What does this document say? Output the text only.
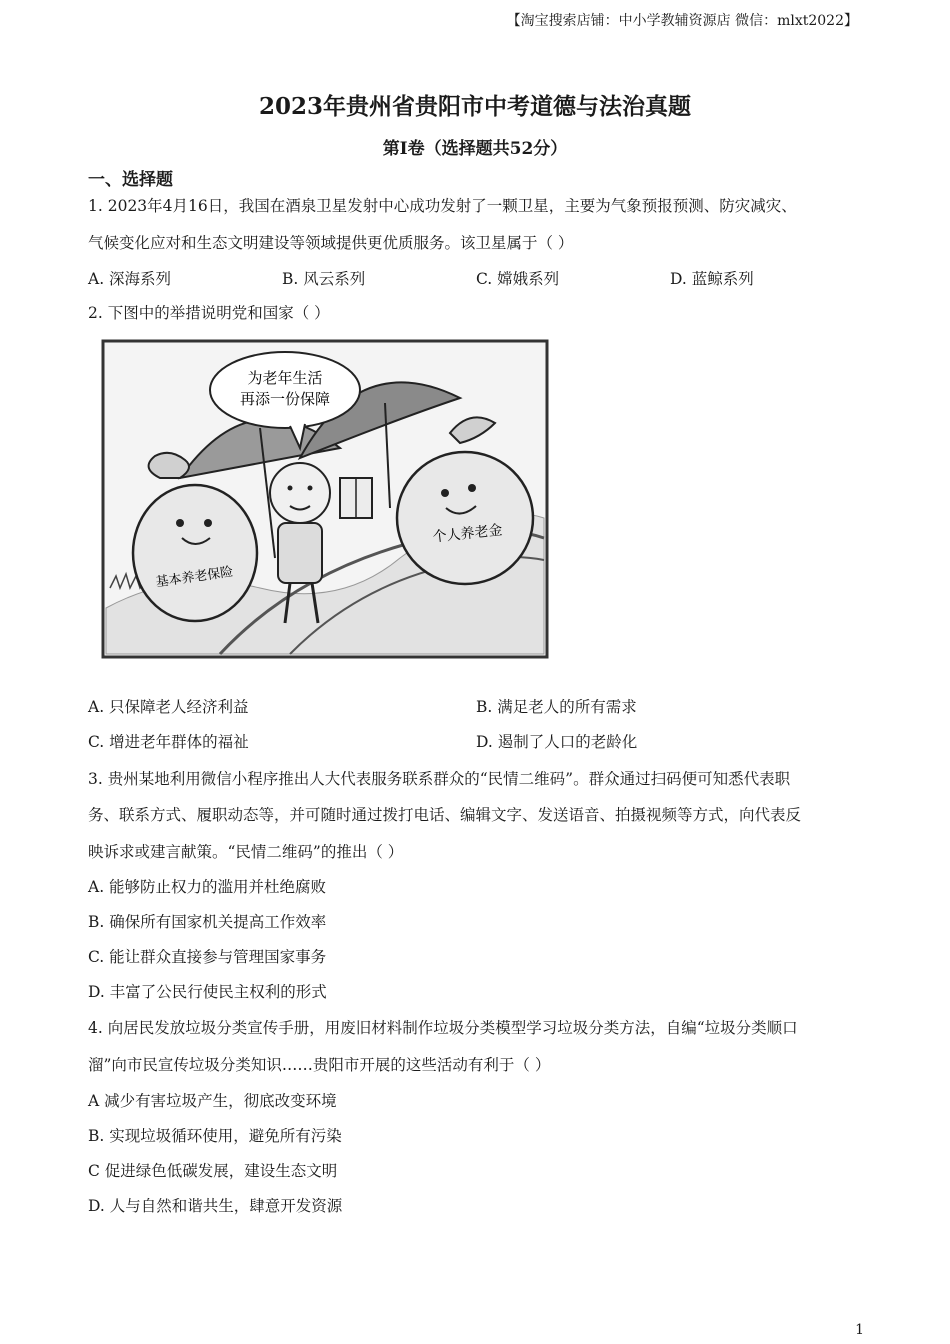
【淘宝搜索店铺：中小学教辅资源店 微信：mlxt2022】
2023年贵州省贵阳市中考道德与法治真题
第Ⅰ卷（选择题共52分）
一、选择题
1. 2023年4月16日，我国在酒泉卫星发射中心成功发射了一颗卫星，主要为气象预报预测、防灾减灾、
气候变化应对和生态文明建设等领域提供更优质服务。该卫星属于（ ）
A. 深海系列	B. 风云系列	C. 嫦娥系列	D. 蓝鲸系列
2. 下图中的举措说明党和国家（ ）
A. 只保障老人经济利益	B. 满足老人的所有需求
C. 增进老年群体的福祉	D. 遏制了人口的老龄化
3. 贵州某地利用微信小程序推出人大代表服务联系群众的“民情二维码”。群众通过扫码便可知悉代表职
务、联系方式、履职动态等，并可随时通过拨打电话、编辑文字、发送语音、拍摄视频等方式，向代表反
映诉求或建言献策。“民情二维码”的推出（ ）
A. 能够防止权力的滥用并杜绝腐败
B. 确保所有国家机关提高工作效率
C. 能让群众直接参与管理国家事务
D. 丰富了公民行使民主权利的形式
4. 向居民发放垃圾分类宣传手册，用废旧材料制作垃圾分类模型学习垃圾分类方法，自编“垃圾分类顺口
溜”向市民宣传垃圾分类知识……贵阳市开展的这些活动有利于（ ）
A 减少有害垃圾产生，彻底改变环境
B. 实现垃圾循环使用，避免所有污染
C 促进绿色低碳发展，建设生态文明
D. 人与自然和谐共生，肆意开发资源
为老年生活
再添一份保障
基本养老保险
个人养老金
1
